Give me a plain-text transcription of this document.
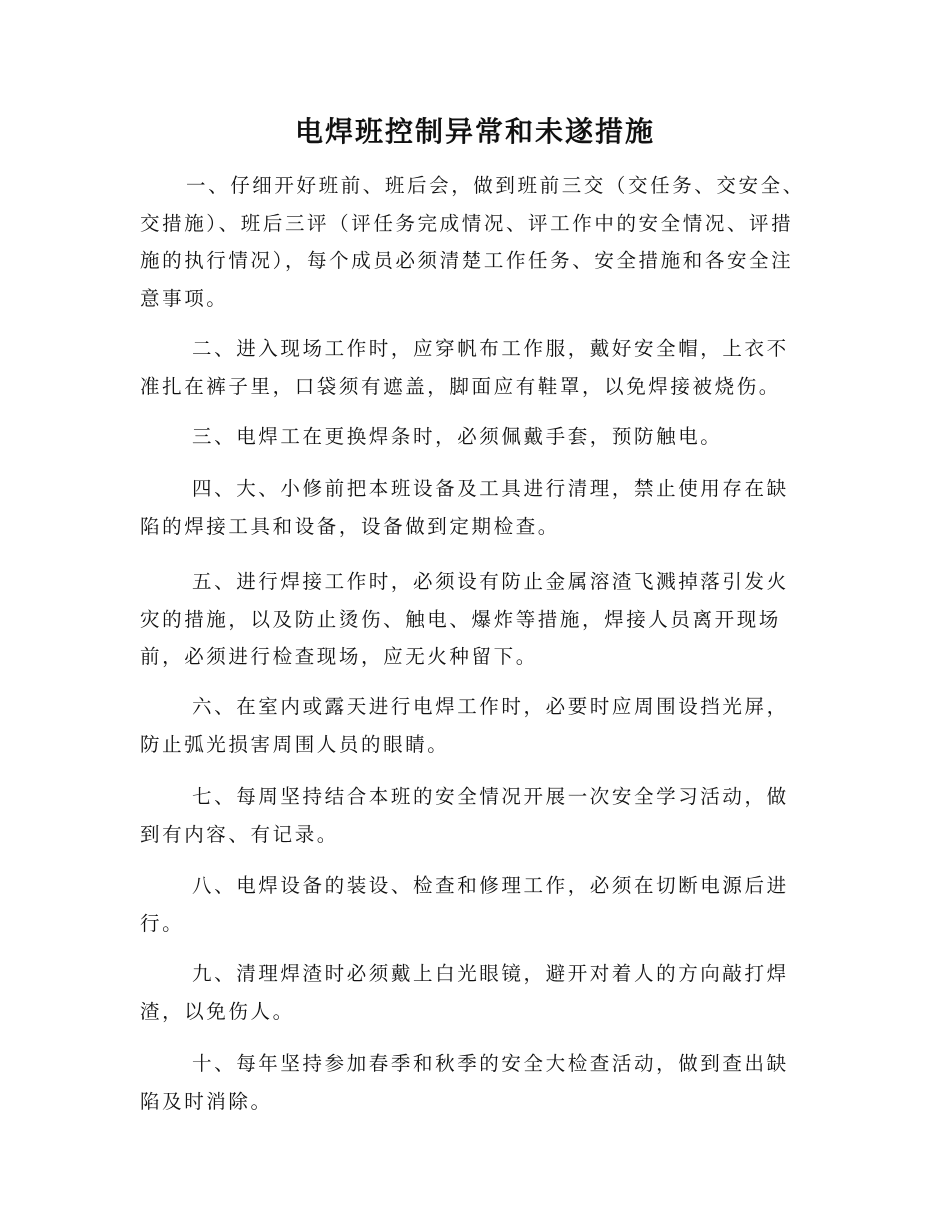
电焊班控制异常和未遂措施

一、仔细开好班前、班后会，做到班前三交（交任务、交安全、交措施）、班后三评（评任务完成情况、评工作中的安全情况、评措施的执行情况），每个成员必须清楚工作任务、安全措施和各安全注意事项。

二、进入现场工作时，应穿帆布工作服，戴好安全帽，上衣不准扎在裤子里，口袋须有遮盖，脚面应有鞋罩，以免焊接被烧伤。

三、电焊工在更换焊条时，必须佩戴手套，预防触电。

四、大、小修前把本班设备及工具进行清理，禁止使用存在缺陷的焊接工具和设备，设备做到定期检查。

五、进行焊接工作时，必须设有防止金属溶渣飞溅掉落引发火灾的措施，以及防止烫伤、触电、爆炸等措施，焊接人员离开现场前，必须进行检查现场，应无火种留下。

六、在室内或露天进行电焊工作时，必要时应周围设挡光屏，防止弧光损害周围人员的眼睛。

七、每周坚持结合本班的安全情况开展一次安全学习活动，做到有内容、有记录。

八、电焊设备的装设、检查和修理工作，必须在切断电源后进行。

九、清理焊渣时必须戴上白光眼镜，避开对着人的方向敲打焊渣，以免伤人。

十、每年坚持参加春季和秋季的安全大检查活动，做到查出缺陷及时消除。
